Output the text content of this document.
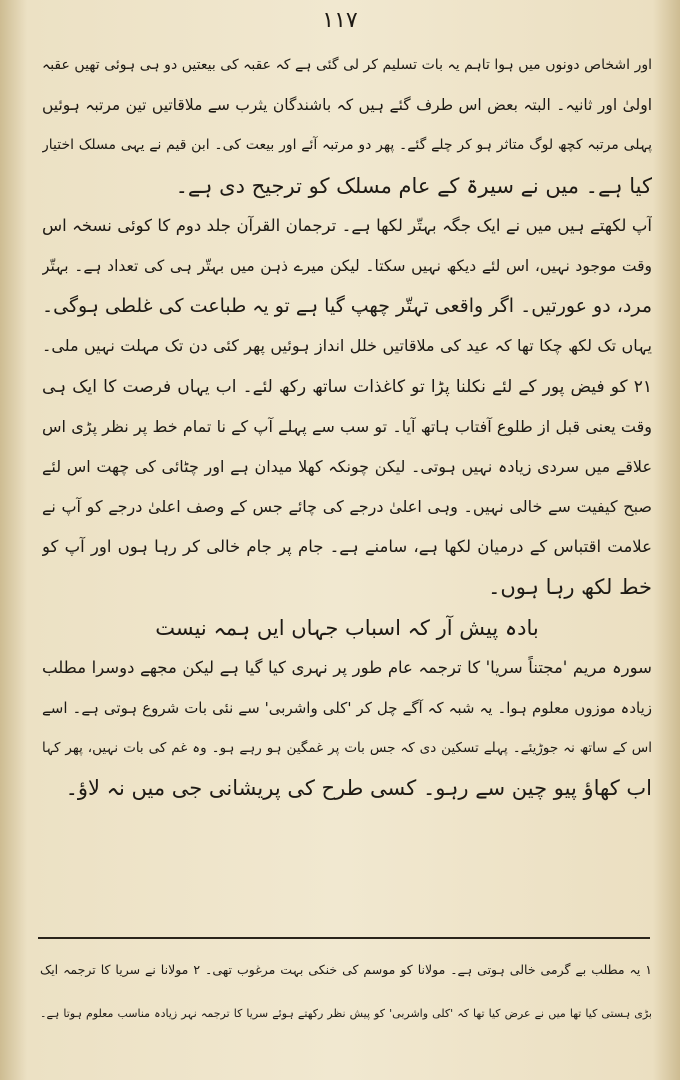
۱۱۷
اور اشخاص دونوں میں ہوا تاہم یہ بات تسلیم کر لی گئی ہے کہ عقبہ کی بیعتیں دو ہی ہوئی تھیں عقبہ
اولیٰ اور ثانیہ۔ البتہ بعض اس طرف گئے ہیں کہ باشندگان یثرب سے ملاقاتیں تین مرتبہ ہوئیں
پہلی مرتبہ کچھ لوگ متاثر ہو کر چلے گئے۔ پھر دو مرتبہ آئے اور بیعت کی۔ ابن قیم نے یہی مسلک اختیار
کیا ہے۔ میں نے سیرۃ کے عام مسلک کو ترجیح دی ہے۔
آپ لکھتے ہیں میں نے ایک جگہ بہتّر لکھا ہے۔ ترجمان القرآن جلد دوم کا کوئی نسخہ اس
وقت موجود نہیں، اس لئے دیکھ نہیں سکتا۔ لیکن میرے ذہن میں بہتّر ہی کی تعداد ہے۔ بہتّر
مرد، دو عورتیں۔ اگر واقعی تہتّر چھپ گیا ہے تو یہ طباعت کی غلطی ہوگی۔
یہاں تک لکھ چکا تھا کہ عید کی ملاقاتیں خلل انداز ہوئیں پھر کئی دن تک مہلت نہیں ملی۔
۲۱ کو فیض پور کے لئے نکلنا پڑا تو کاغذات ساتھ رکھ لئے۔ اب یہاں فرصت کا ایک ہی
وقت یعنی قبل از طلوع آفتاب ہاتھ آیا۔ تو سب سے پہلے آپ کے نا تمام خط پر نظر پڑی اس
علاقے میں سردی زیادہ نہیں ہوتی۔ لیکن چونکہ کھلا میدان ہے اور چٹائی کی چھت اس لئے
صبح کیفیت سے خالی نہیں۔ وہی اعلیٰ درجے کی چائے جس کے وصف اعلیٰ درجے کو آپ نے
علامت اقتباس کے درمیان لکھا ہے، سامنے ہے۔ جام پر جام خالی کر رہا ہوں اور آپ کو
خط لکھ رہا ہوں۔
بادہ پیش آر کہ اسباب جہاں ایں ہمہ نیست
سورہ مریم 'مجتناً سریا' کا ترجمہ عام طور پر نہری کیا گیا ہے لیکن مجھے دوسرا مطلب
زیادہ موزوں معلوم ہوا۔ یہ شبہ کہ آگے چل کر 'کلی واشربی' سے نئی بات شروع ہوتی ہے۔ اسے
اس کے ساتھ نہ جوڑیئے۔ پہلے تسکین دی کہ جس بات پر غمگین ہو رہے ہو۔ وہ غم کی بات نہیں، پھر کہا
اب کھاؤ پیو چین سے رہو۔ کسی طرح کی پریشانی جی میں نہ لاؤ۔
۱ یہ مطلب بے گرمی خالی ہوتی ہے۔ مولانا کو موسم کی خنکی بہت مرغوب تھی۔ ۲ مولانا نے سریا کا ترجمہ ایک
بڑی ہستی کیا تھا میں نے عرض کیا تھا کہ 'کلی واشربی' کو پیش نظر رکھتے ہوئے سریا کا ترجمہ نہر زیادہ مناسب معلوم ہوتا ہے۔
